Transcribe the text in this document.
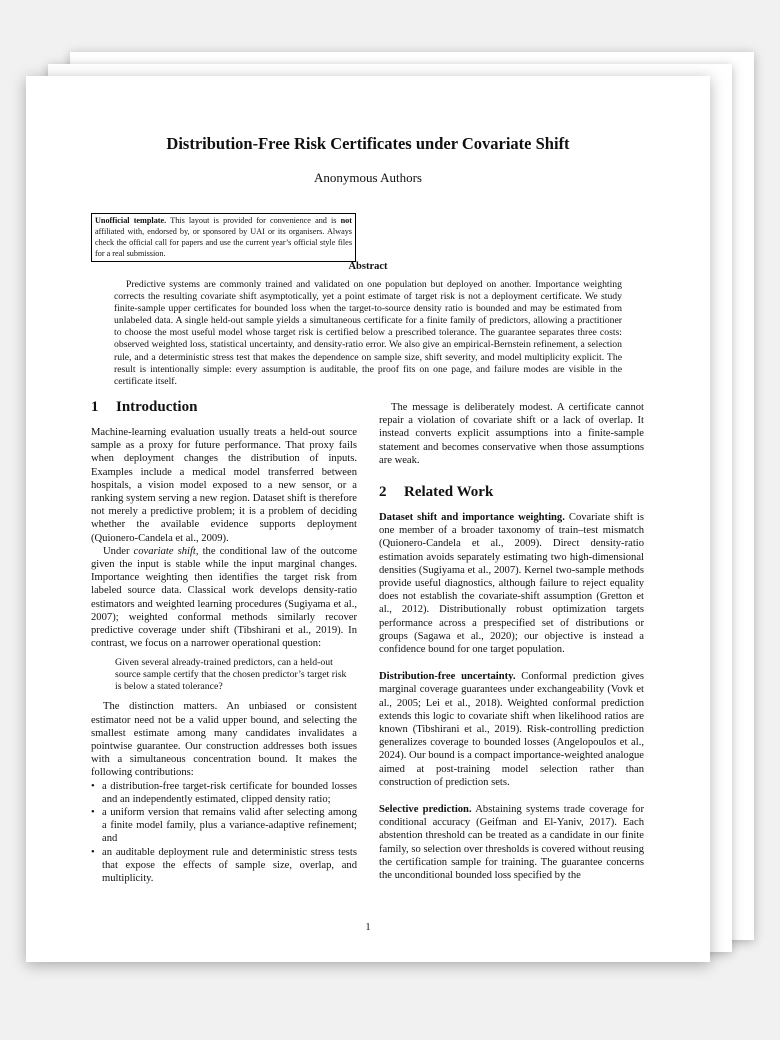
Distribution-Free Risk Certificates under Covariate Shift
Anonymous Authors
Unofficial template. This layout is provided for convenience and is not affiliated with, endorsed by, or sponsored by UAI or its organisers. Always check the official call for papers and use the current year’s official style files for a real submission.
Abstract
Predictive systems are commonly trained and validated on one population but deployed on another. Importance weighting corrects the resulting covariate shift asymptotically, yet a point estimate of target risk is not a deployment certificate. We study finite-sample upper certificates for bounded loss when the target-to-source density ratio is bounded and may be estimated from unlabeled data. A single held-out sample yields a simultaneous certificate for a finite family of predictors, allowing a practitioner to choose the most useful model whose target risk is certified below a prescribed tolerance. The guarantee separates three costs: observed weighted loss, statistical uncertainty, and density-ratio error. We also give an empirical-Bernstein refinement, a selection rule, and a deterministic stress test that makes the dependence on sample size, shift severity, and model multiplicity explicit. The result is intentionally simple: every assumption is auditable, the proof fits on one page, and failure modes are visible in the certificate itself.
1 Introduction

Machine-learning evaluation usually treats a held-out source sample as a proxy for future performance. That proxy fails when deployment changes the distribution of inputs. Examples include a medical model transferred between hospitals, a vision model exposed to a new sensor, or a ranking system serving a new region. Dataset shift is therefore not merely a predictive problem; it is a problem of deciding whether the available evidence supports deployment (Quionero-Candela et al., 2009).

Under covariate shift, the conditional law of the outcome given the input is stable while the input marginal changes. Importance weighting then identifies the target risk from labeled source data. Classical work develops density-ratio estimators and weighted learning procedures (Sugiyama et al., 2007); weighted conformal methods similarly recover predictive coverage under shift (Tibshirani et al., 2019). In contrast, we focus on a narrower operational question:

Given several already-trained predictors, can a held-out source sample certify that the chosen predictor’s target risk is below a stated tolerance?

The distinction matters. An unbiased or consistent estimator need not be a valid upper bound, and selecting the smallest estimate among many candidates invalidates a pointwise guarantee. Our construction addresses both issues with a simultaneous concentration bound. It makes the following contributions:

• a distribution-free target-risk certificate for bounded losses and an independently estimated, clipped density ratio;
• a uniform version that remains valid after selecting among a finite model family, plus a variance-adaptive refinement; and
• an auditable deployment rule and deterministic stress tests that expose the effects of sample size, overlap, and multiplicity.

The message is deliberately modest. A certificate cannot repair a violation of covariate shift or a lack of overlap. It instead converts explicit assumptions into a finite-sample statement and becomes conservative when those assumptions are weak.

2 Related Work

Dataset shift and importance weighting. Covariate shift is one member of a broader taxonomy of train–test mismatch (Quionero-Candela et al., 2009). Direct density-ratio estimation avoids separately estimating two high-dimensional densities (Sugiyama et al., 2007). Kernel two-sample methods provide useful diagnostics, although failure to reject equality does not establish the covariate-shift assumption (Gretton et al., 2012). Distributionally robust optimization targets performance across a prespecified set of distributions or groups (Sagawa et al., 2020); our objective is instead a confidence bound for one target population.

Distribution-free uncertainty. Conformal prediction gives marginal coverage guarantees under exchangeability (Vovk et al., 2005; Lei et al., 2018). Weighted conformal prediction extends this logic to covariate shift when likelihood ratios are known (Tibshirani et al., 2019). Risk-controlling prediction generalizes coverage to bounded losses (Angelopoulos et al., 2024). Our bound is a compact importance-weighted analogue aimed at post-training model selection rather than construction of prediction sets.

Selective prediction. Abstaining systems trade coverage for conditional accuracy (Geifman and El-Yaniv, 2017). Each abstention threshold can be treated as a candidate in our finite family, so selection over thresholds is covered without reusing the certification sample for training. The guarantee concerns the unconditional bounded loss specified by the

1
